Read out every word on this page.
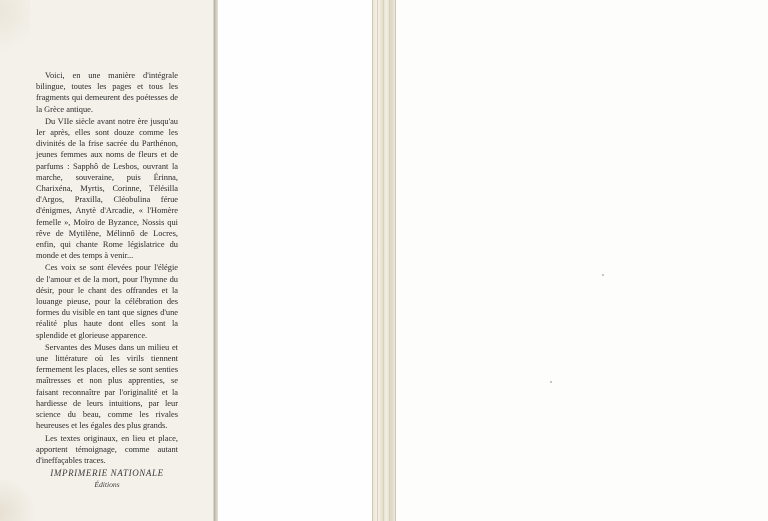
Voici, en une manière d'intégrale bilingue, toutes les pages et tous les fragments qui demeurent des poétesses de la Grèce antique.

Du VIIe siècle avant notre ère jusqu'au Ier après, elles sont douze comme les divinités de la frise sacrée du Parthénon, jeunes femmes aux noms de fleurs et de parfums : Sapphô de Lesbos, ouvrant la marche, souveraine, puis Érinna, Charixéna, Myrtis, Corinne, Télésilla d'Argos, Praxilla, Cléobulina férue d'énigmes, Anytè d'Arcadie, « l'Homère femelle », Moïro de Byzance, Nossis qui rêve de Mytilène, Mélinnô de Locres, enfin, qui chante Rome législatrice du monde et des temps à venir...

Ces voix se sont élevées pour l'élégie de l'amour et de la mort, pour l'hymne du désir, pour le chant des offrandes et la louange pieuse, pour la célébration des formes du visible en tant que signes d'une réalité plus haute dont elles sont la splendide et glorieuse apparence.

Servantes des Muses dans un milieu et une littérature où les virils tiennent fermement les places, elles se sont senties maîtresses et non plus apprenties, se faisant reconnaître par l'originalité et la hardiesse de leurs intuitions, par leur science du beau, comme les rivales heureuses et les égales des plus grands.

Les textes originaux, en lieu et place, apportent témoignage, comme autant d'ineffaçables traces.

IMPRIMERIE NATIONALE
Éditions
